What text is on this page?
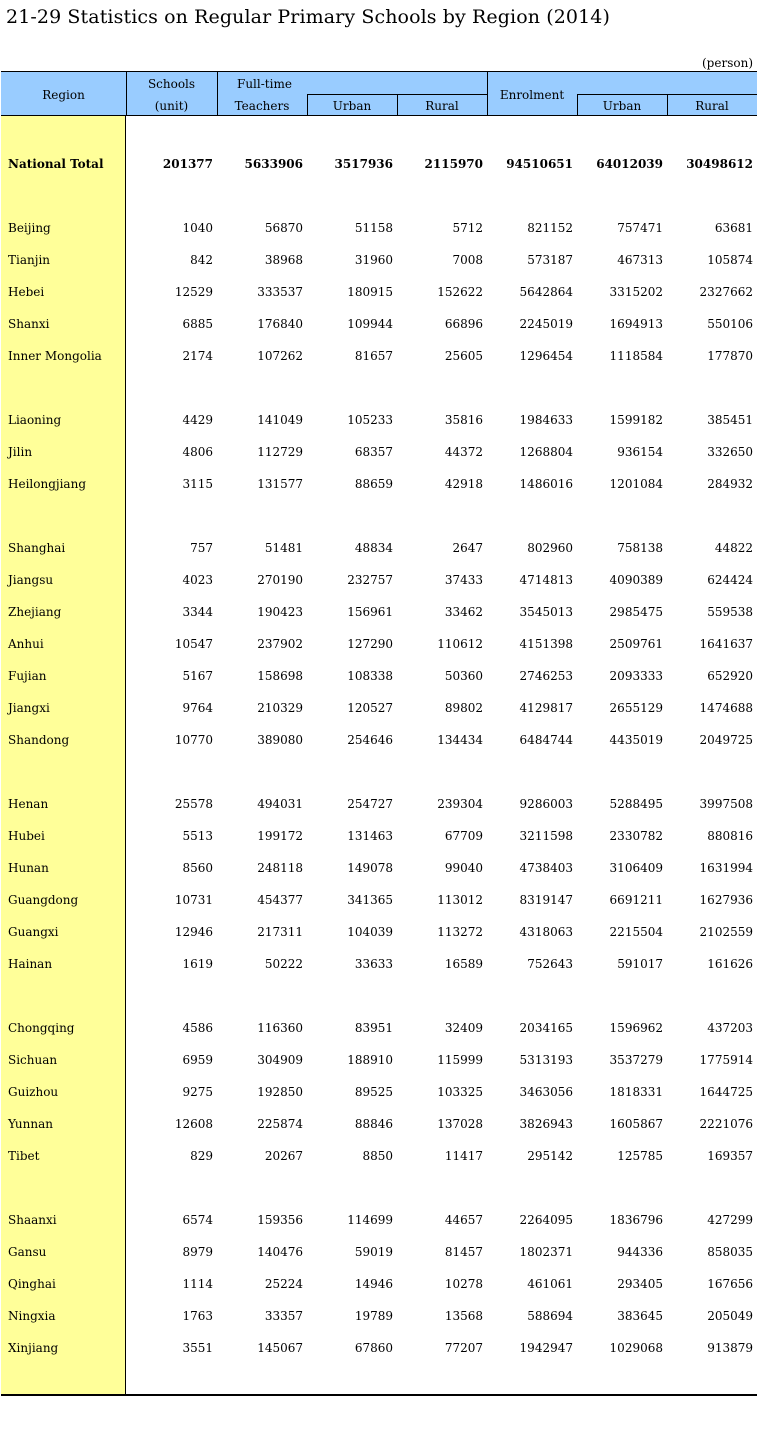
21-29 Statistics on Regular Primary Schools by Region (2014)
(person)
Region
Schools
(unit)
Full-time
Teachers	Urban	Rural
Enrolment
Urban	Rural
National Total	201377	5633906	3517936	2115970 94510651 64012039 30498612
Beijing	1040	56870	51158	5712	821152	757471	63681
Tianjin	842	38968	31960	7008	573187	467313	105874
Hebei	12529	333537	180915	152622	5642864	3315202	2327662
Shanxi	6885	176840	109944	66896	2245019	1694913	550106
Inner Mongolia	2174	107262	81657	25605	1296454	1118584	177870
Liaoning	4429	141049	105233	35816	1984633	1599182	385451
Jilin	4806	112729	68357	44372	1268804	936154	332650
Heilongjiang	3115	131577	88659	42918	1486016	1201084	284932
Shanghai	757	51481	48834	2647	802960	758138	44822
Jiangsu	4023	270190	232757	37433	4714813	4090389	624424
Zhejiang	3344	190423	156961	33462	3545013	2985475	559538
Anhui	10547	237902	127290	110612	4151398	2509761	1641637
Fujian	5167	158698	108338	50360	2746253	2093333	652920
Jiangxi	9764	210329	120527	89802	4129817	2655129	1474688
Shandong	10770	389080	254646	134434	6484744	4435019	2049725
Henan	25578	494031	254727	239304	9286003	5288495	3997508
Hubei	5513	199172	131463	67709	3211598	2330782	880816
Hunan	8560	248118	149078	99040	4738403	3106409	1631994
Guangdong	10731	454377	341365	113012	8319147	6691211	1627936
Guangxi	12946	217311	104039	113272	4318063	2215504	2102559
Hainan	1619	50222	33633	16589	752643	591017	161626
Chongqing	4586	116360	83951	32409	2034165	1596962	437203
Sichuan	6959	304909	188910	115999	5313193	3537279	1775914
Guizhou	9275	192850	89525	103325	3463056	1818331	1644725
Yunnan	12608	225874	88846	137028	3826943	1605867	2221076
Tibet	829	20267	8850	11417	295142	125785	169357
Shaanxi	6574	159356	114699	44657	2264095	1836796	427299
Gansu	8979	140476	59019	81457	1802371	944336	858035
Qinghai	1114	25224	14946	10278	461061	293405	167656
Ningxia	1763	33357	19789	13568	588694	383645	205049
Xinjiang	3551	145067	67860	77207	1942947	1029068	913879
